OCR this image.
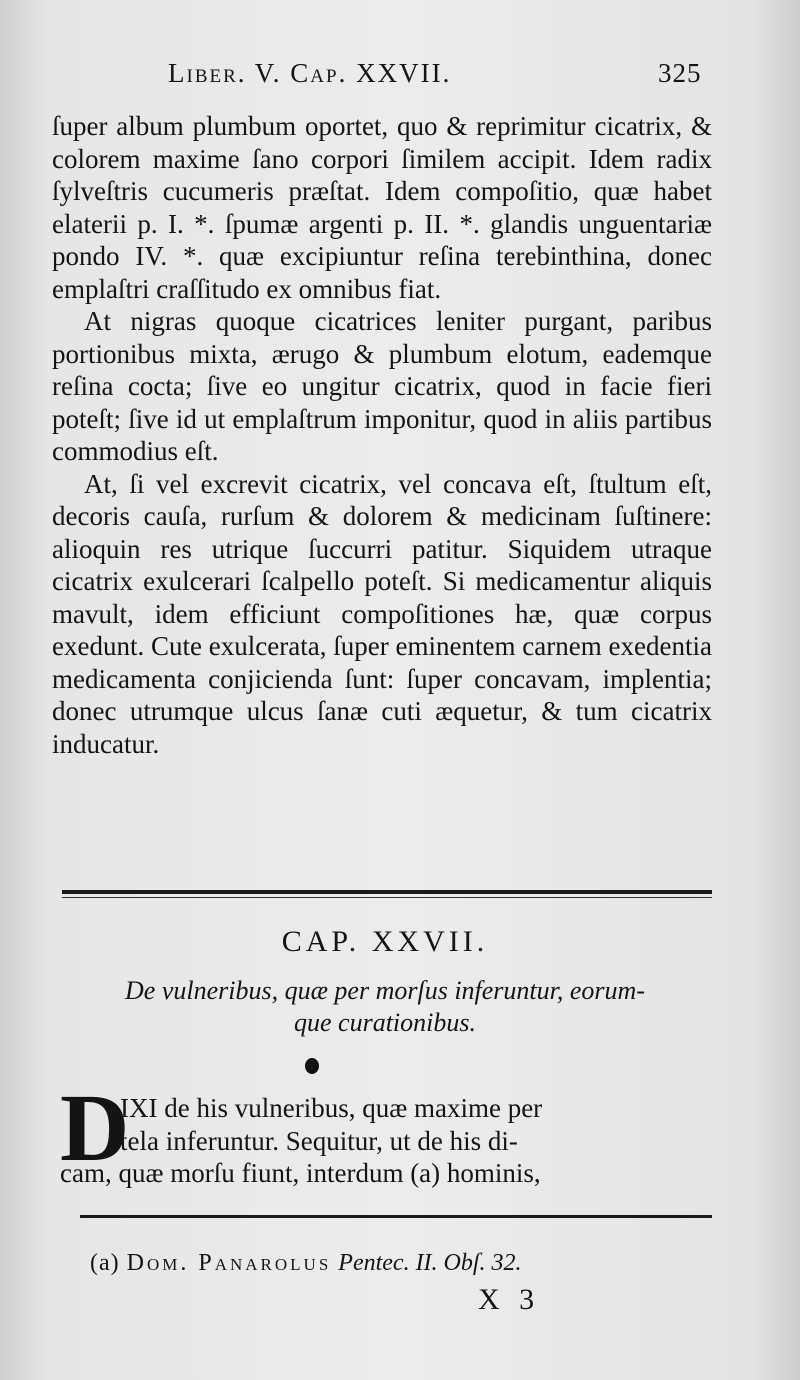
Liber. V. Cap. XXVII.	325

ſuper album plumbum oportet, quo & reprimitur cicatrix, & colorem maxime ſano corpori ſimilem accipit. Idem radix ſylveſtris cucumeris præſtat. Idem compoſitio, quæ habet elaterii p. I. *. ſpumæ argenti p. II. *. glandis unguentariæ pondo IV. *. quæ excipiuntur reſina terebinthina, donec emplaſtri craſſitudo ex omnibus fiat.

At nigras quoque cicatrices leniter purgant, paribus portionibus mixta, ærugo & plumbum elotum, eademque reſina cocta; ſive eo ungitur cicatrix, quod in facie fieri poteſt; ſive id ut emplaſtrum imponitur, quod in aliis partibus commodius eſt.

At, ſi vel excrevit cicatrix, vel concava eſt, ſtultum eſt, decoris cauſa, rurſum & dolorem & medicinam ſuſtinere: alioquin res utrique ſuccurri patitur. Siquidem utraque cicatrix exulcerari ſcalpello poteſt. Si medicamentur aliquis mavult, idem efficiunt compoſitiones hæ, quæ corpus exedunt. Cute exulcerata, ſuper eminentem carnem exedentia medicamenta conjicienda ſunt: ſuper concavam, implentia; donec utrumque ulcus ſanæ cuti æquetur, & tum cicatrix inducatur.

CAP. XXVII.
De vulneribus, quæ per morſus inferuntur, eorum-
que curationibus.
D
IXI de his vulneribus, quæ maxime per
tela inferuntur. Sequitur, ut de his di-
cam, quæ morſu fiunt, interdum (a) hominis,
(a) Dom. Panarolus Pentec. II. Obſ. 32.
X 3
